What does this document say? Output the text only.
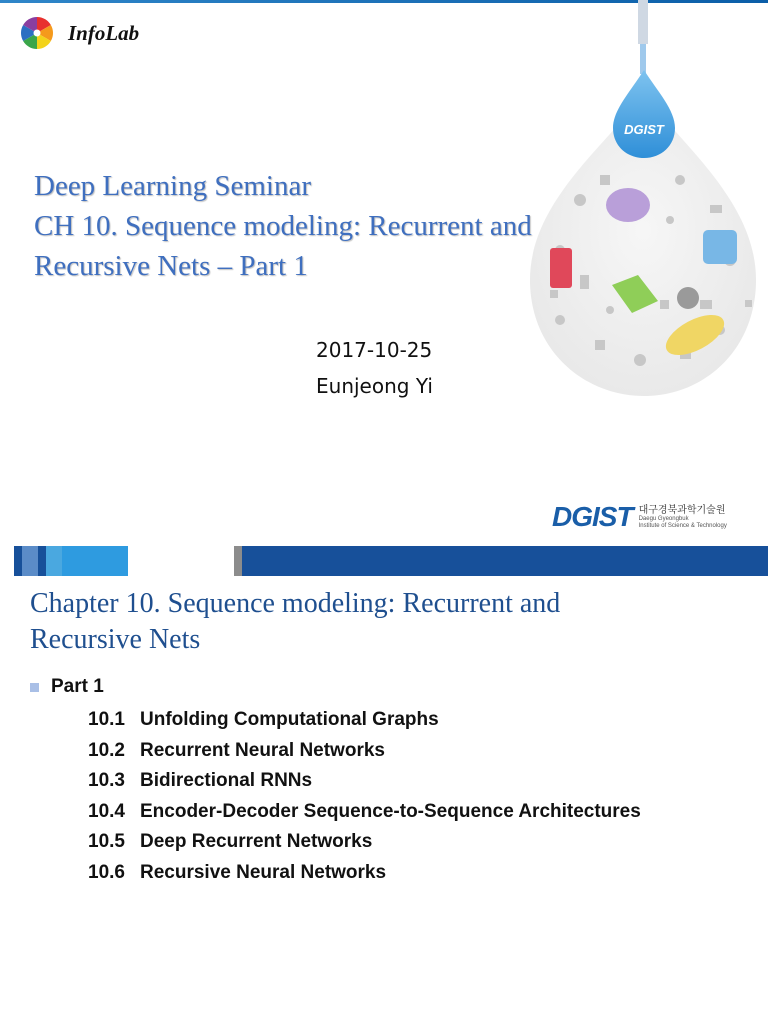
InfoLab
DGIST
Deep Learning Seminar
CH 10. Sequence modeling: Recurrent and
Recursive Nets – Part 1
2017-10-25
Eunjeong Yi
DGIST 대구경북과학기술원
Daegu Gyeongbuk
Institute of Science & Technology
Chapter 10. Sequence modeling: Recurrent and
Recursive Nets
Part 1
10.1 Unfolding Computational Graphs
10.2 Recurrent Neural Networks
10.3 Bidirectional RNNs
10.4 Encoder-Decoder Sequence-to-Sequence Architectures
10.5 Deep Recurrent Networks
10.6 Recursive Neural Networks
